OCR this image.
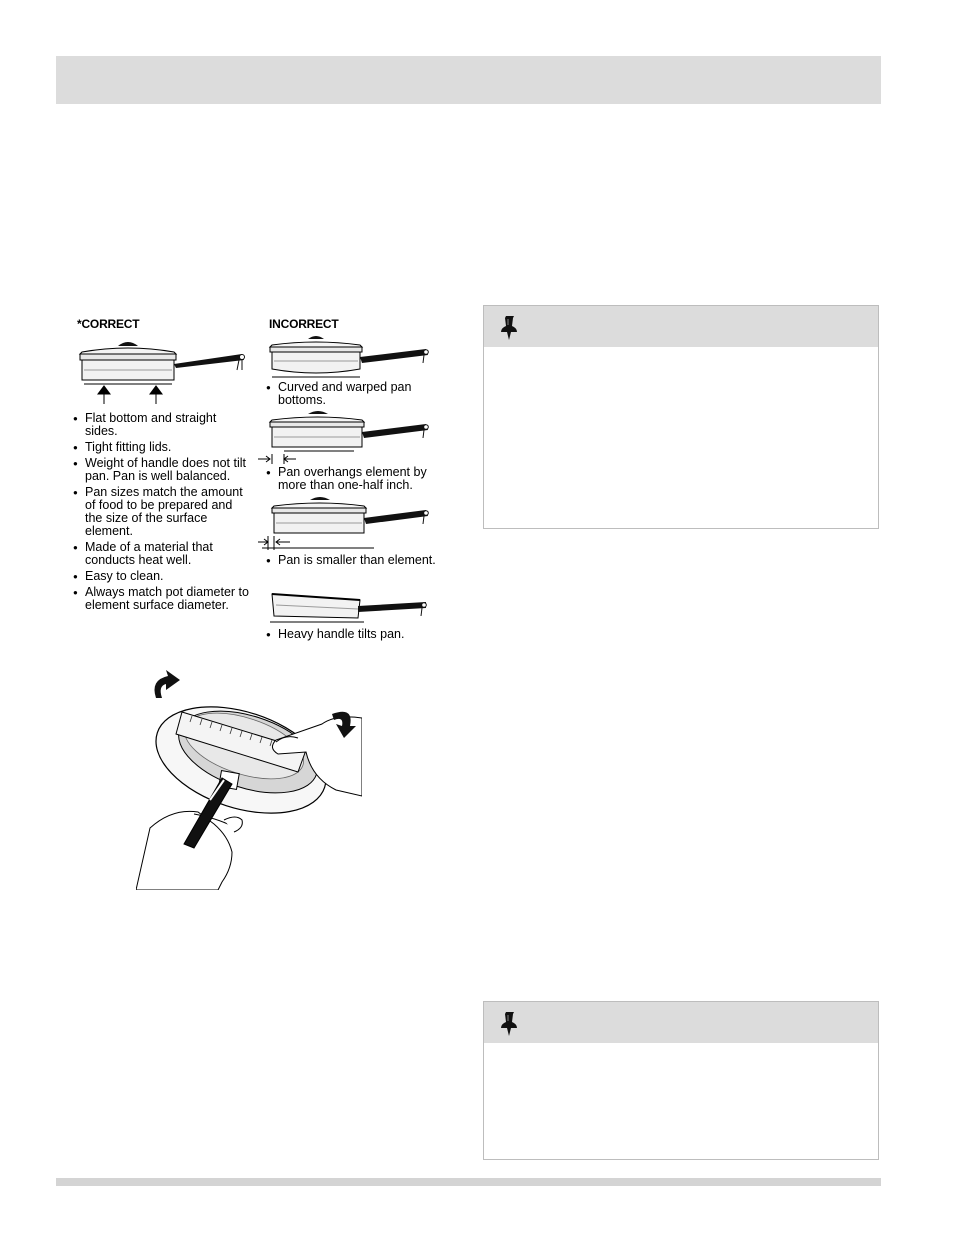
*CORRECT
● Flat bottom and straight sides.
● Tight fitting lids.
● Weight of handle does not tilt pan. Pan is well balanced.
● Pan sizes match the amount of food to be prepared and the size of the surface element.
● Made of a material that conducts heat well.
● Easy to clean.
● Always match pot diameter to element surface diameter.
INCORRECT
● Curved and warped pan bottoms.
● Pan overhangs element by more than one-half inch.
● Pan is smaller than element.
● Heavy handle tilts pan.
